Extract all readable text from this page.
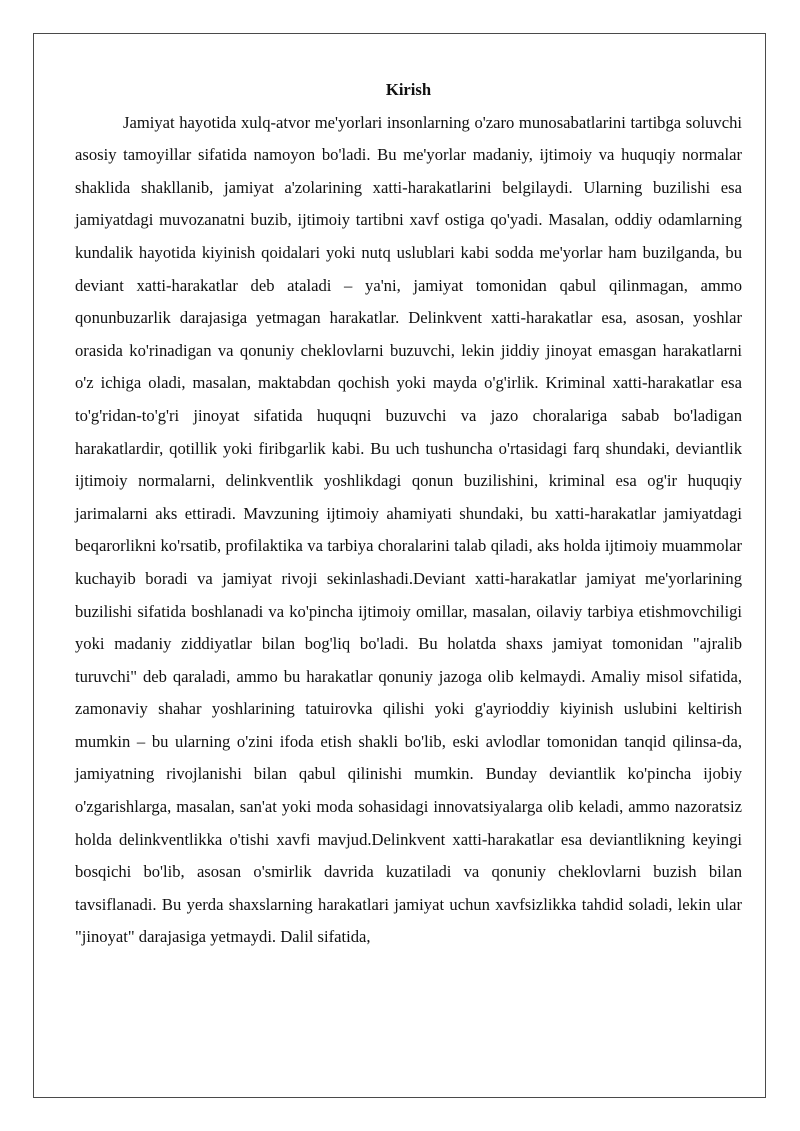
Kirish

Jamiyat hayotida xulq-atvor me'yorlari insonlarning o'zaro munosabatlarini tartibga soluvchi asosiy tamoyillar sifatida namoyon bo'ladi. Bu me'yorlar madaniy, ijtimoiy va huquqiy normalar shaklida shakllanib, jamiyat a'zolarining xatti-harakatlarini belgilaydi. Ularning buzilishi esa jamiyatdagi muvozanatni buzib, ijtimoiy tartibni xavf ostiga qo'yadi. Masalan, oddiy odamlarning kundalik hayotida kiyinish qoidalari yoki nutq uslublari kabi sodda me'yorlar ham buzilganda, bu deviant xatti-harakatlar deb ataladi – ya'ni, jamiyat tomonidan qabul qilinmagan, ammo qonunbuzarlik darajasiga yetmagan harakatlar. Delinkvent xatti-harakatlar esa, asosan, yoshlar orasida ko'rinadigan va qonuniy cheklovlarni buzuvchi, lekin jiddiy jinoyat emasgan harakatlarni o'z ichiga oladi, masalan, maktabdan qochish yoki mayda o'g'irlik. Kriminal xatti-harakatlar esa to'g'ridan-to'g'ri jinoyat sifatida huquqni buzuvchi va jazo choralariga sabab bo'ladigan harakatlardir, qotillik yoki firibgarlik kabi. Bu uch tushuncha o'rtasidagi farq shundaki, deviantlik ijtimoiy normalarni, delinkventlik yoshlikdagi qonun buzilishini, kriminal esa og'ir huquqiy jarimalarni aks ettiradi. Mavzuning ijtimoiy ahamiyati shundaki, bu xatti-harakatlar jamiyatdagi beqarorlikni ko'rsatib, profilaktika va tarbiya choralarini talab qiladi, aks holda ijtimoiy muammolar kuchayib boradi va jamiyat rivoji sekinlashadi.Deviant xatti-harakatlar jamiyat me'yorlarining buzilishi sifatida boshlanadi va ko'pincha ijtimoiy omillar, masalan, oilaviy tarbiya etishmovchiligi yoki madaniy ziddiyatlar bilan bog'liq bo'ladi. Bu holatda shaxs jamiyat tomonidan "ajralib turuvchi" deb qaraladi, ammo bu harakatlar qonuniy jazoga olib kelmaydi. Amaliy misol sifatida, zamonaviy shahar yoshlarining tatuirovka qilishi yoki g'ayrioddiy kiyinish uslubini keltirish mumkin – bu ularning o'zini ifoda etish shakli bo'lib, eski avlodlar tomonidan tanqid qilinsa-da, jamiyatning rivojlanishi bilan qabul qilinishi mumkin. Bunday deviantlik ko'pincha ijobiy o'zgarishlarga, masalan, san'at yoki moda sohasidagi innovatsiyalarga olib keladi, ammo nazoratsiz holda delinkventlikka o'tishi xavfi mavjud.Delinkvent xatti-harakatlar esa deviantlikning keyingi bosqichi bo'lib, asosan o'smirlik davrida kuzatiladi va qonuniy cheklovlarni buzish bilan tavsiflanadi. Bu yerda shaxslarning harakatlari jamiyat uchun xavfsizlikka tahdid soladi, lekin ular "jinoyat" darajasiga yetmaydi. Dalil sifatida,
